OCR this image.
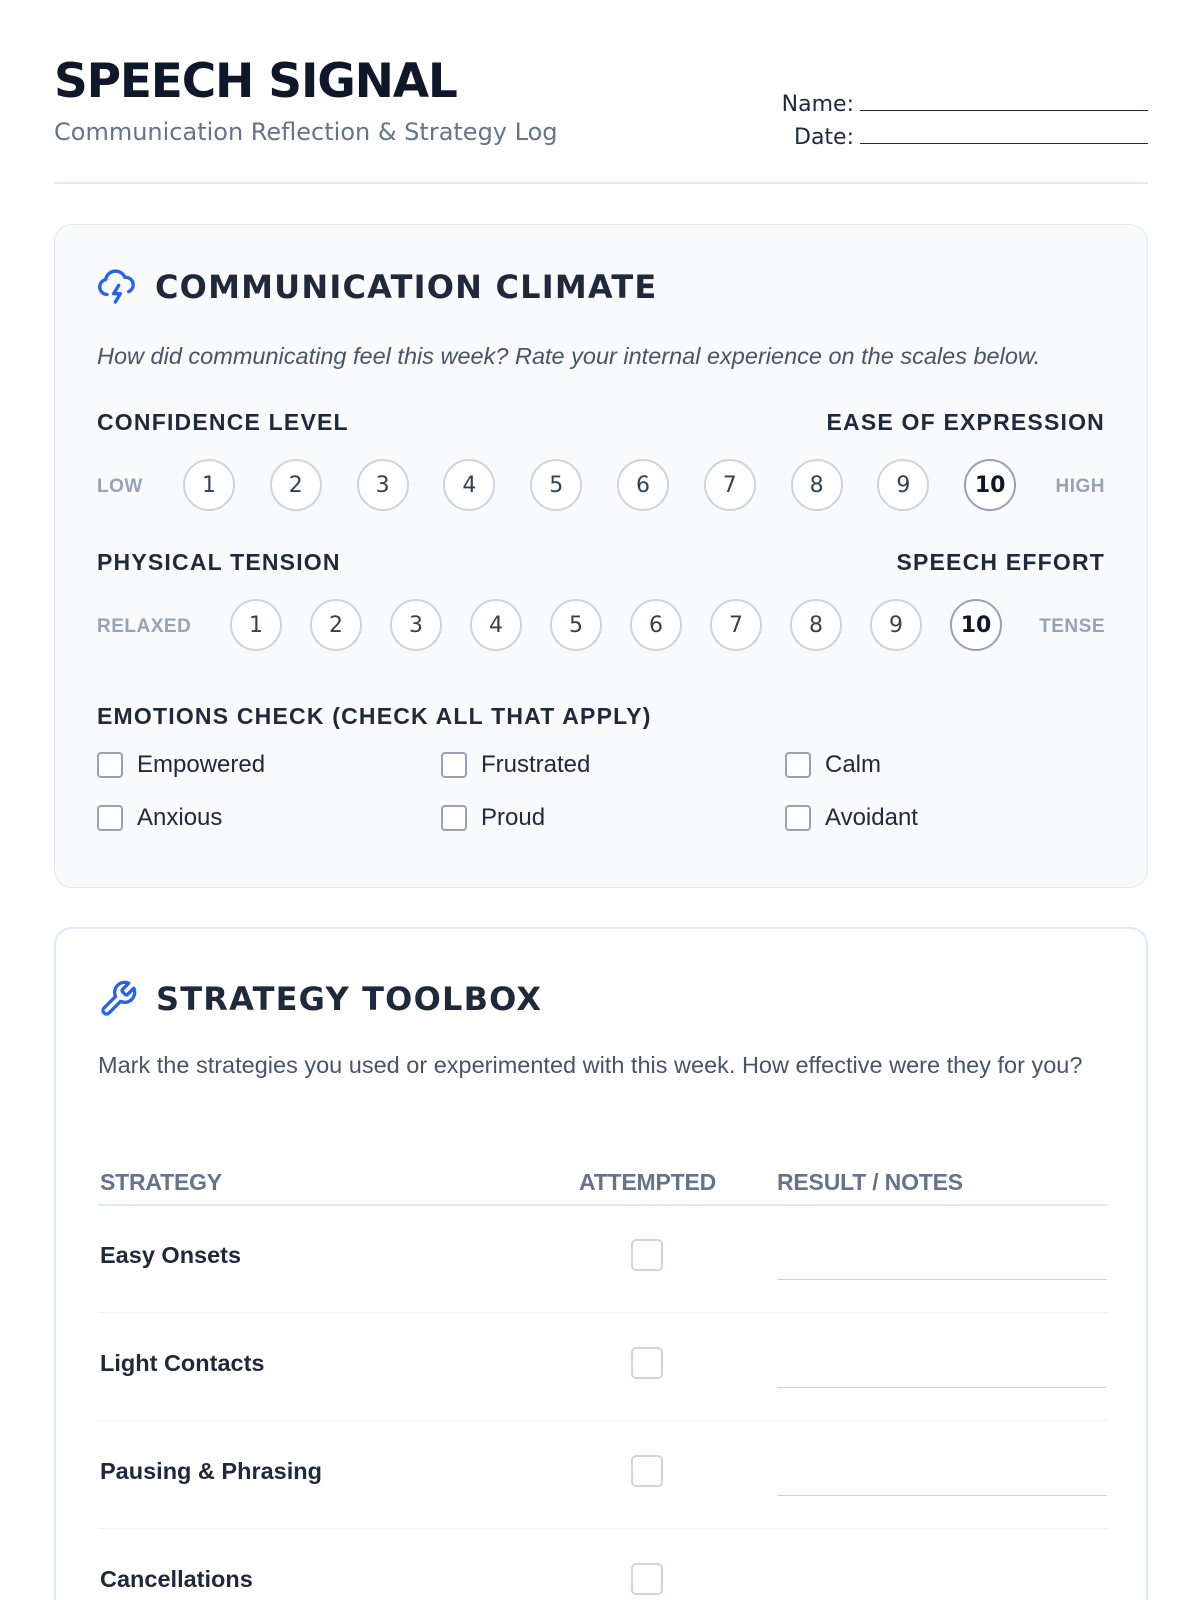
SPEECH SIGNAL
Communication Reflection & Strategy Log
Name:
Date:
COMMUNICATION CLIMATE
How did communicating feel this week? Rate your internal experience on the scales below.
CONFIDENCE LEVEL	EASE OF EXPRESSION
LOW	HIGH
PHYSICAL TENSION	SPEECH EFFORT
RELAXED	TENSE
EMOTIONS CHECK (CHECK ALL THAT APPLY)
Empowered	Frustrated	Calm
Anxious	Proud	Avoidant
1	2	3	4	5	6	7	8	9	10
1	2	3	4	5	6	7	8	9	10
STRATEGY TOOLBOX
Mark the strategies you used or experimented with this week. How effective were they for you?
STRATEGY	ATTEMPTED	RESULT / NOTES
Easy Onsets
Light Contacts
Pausing & Phrasing
Cancellations
